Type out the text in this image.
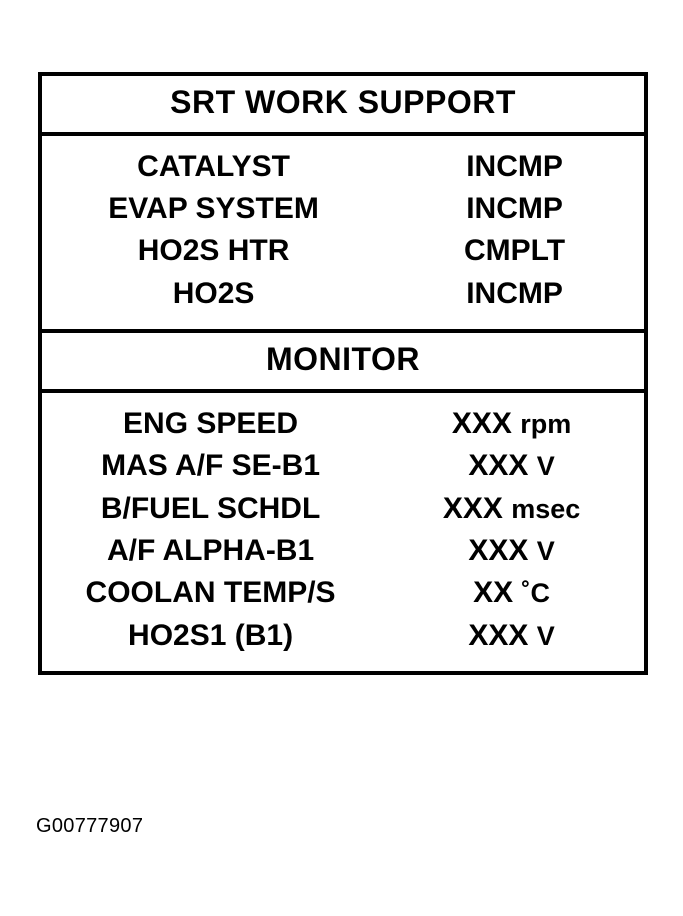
SRT WORK SUPPORT
CATALYST	INCMP
EVAP SYSTEM	INCMP
HO2S HTR	CMPLT
HO2S	INCMP
MONITOR
ENG SPEED	XXX rpm
MAS A/F SE-B1	XXX V
B/FUEL SCHDL	XXX msec
A/F ALPHA-B1	XXX V
COOLAN TEMP/S	XX ˚C
HO2S1 (B1)	XXX V
G00777907
